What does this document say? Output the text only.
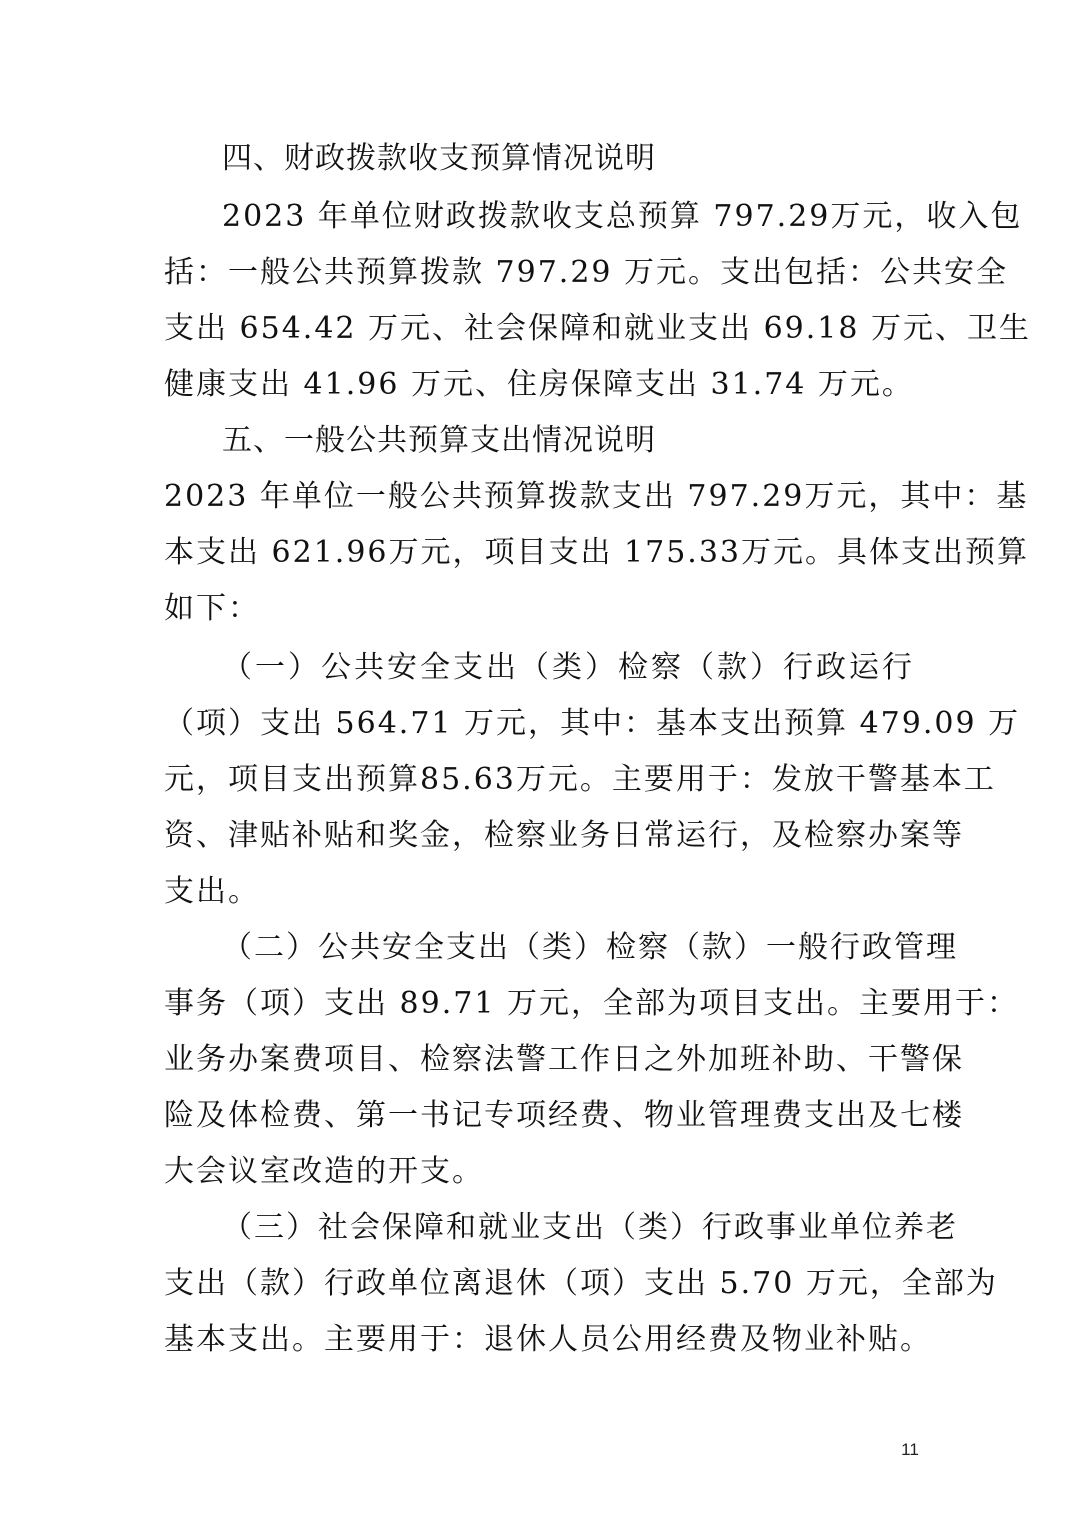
四、财政拨款收支预算情况说明
2023 年单位财政拨款收支总预算 797.29万元，收入包
括：一般公共预算拨款 797.29 万元。支出包括：公共安全
支出 654.42 万元、社会保障和就业支出 69.18 万元、卫生
健康支出 41.96 万元、住房保障支出 31.74 万元。
五、一般公共预算支出情况说明
2023 年单位一般公共预算拨款支出 797.29万元，其中：基
本支出 621.96万元，项目支出 175.33万元。具体支出预算
如下：
（一）公共安全支出（类）检察（款）行政运行
（项）支出 564.71 万元，其中：基本支出预算 479.09 万
元，项目支出预算85.63万元。主要用于：发放干警基本工
资、津贴补贴和奖金，检察业务日常运行，及检察办案等
支出。
（二）公共安全支出（类）检察（款）一般行政管理
事务（项）支出 89.71 万元，全部为项目支出。主要用于：
业务办案费项目、检察法警工作日之外加班补助、干警保
险及体检费、第一书记专项经费、物业管理费支出及七楼
大会议室改造的开支。
（三）社会保障和就业支出（类）行政事业单位养老
支出（款）行政单位离退休（项）支出 5.70 万元，全部为
基本支出。主要用于：退休人员公用经费及物业补贴。
11
